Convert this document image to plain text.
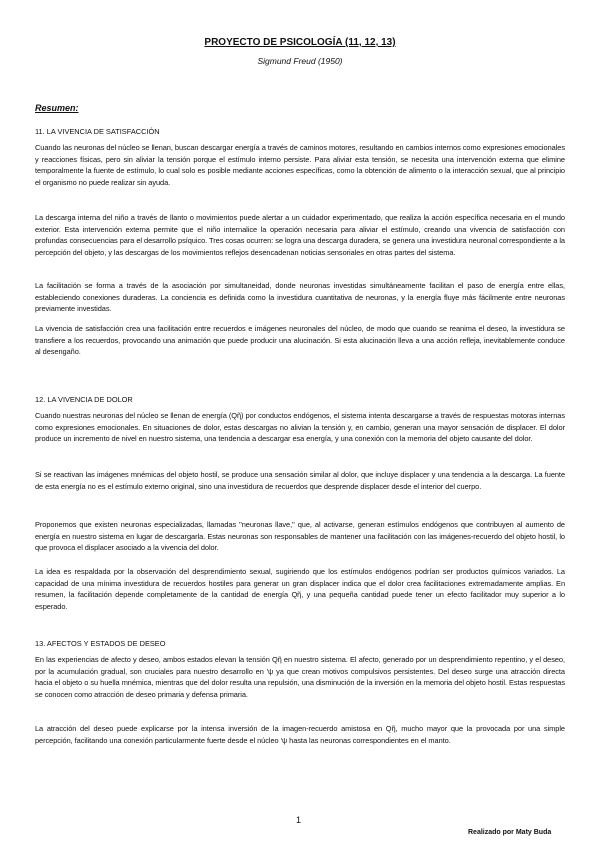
PROYECTO DE PSICOLOGÍA (11, 12, 13)
Sigmund Freud (1950)
Resumen:
11. LA VIVENCIA DE SATISFACCIÓN
Cuando las neuronas del núcleo se llenan, buscan descargar energía a través de caminos motores, resultando en cambios internos como expresiones emocionales y reacciones físicas, pero sin aliviar la tensión porque el estímulo interno persiste. Para aliviar esta tensión, se necesita una intervención externa que elimine temporalmente la fuente de estímulo, lo cual solo es posible mediante acciones específicas, como la obtención de alimento o la interacción sexual, que al principio el organismo no puede realizar sin ayuda.
La descarga interna del niño a través de llanto o movimientos puede alertar a un cuidador experimentado, que realiza la acción específica necesaria en el mundo exterior. Esta intervención externa permite que el niño internalice la operación necesaria para aliviar el estímulo, creando una vivencia de satisfacción con profundas consecuencias para el desarrollo psíquico. Tres cosas ocurren: se logra una descarga duradera, se genera una investidura neuronal correspondiente a la percepción del objeto, y las descargas de los movimientos reflejos desencadenan noticias sensoriales en otras partes del sistema.
La facilitación se forma a través de la asociación por simultaneidad, donde neuronas investidas simultáneamente facilitan el paso de energía entre ellas, estableciendo conexiones duraderas. La conciencia es definida como la investidura cuantitativa de neuronas, y la energía fluye más fácilmente entre neuronas previamente investidas.
La vivencia de satisfacción crea una facilitación entre recuerdos e imágenes neuronales del núcleo, de modo que cuando se reanima el deseo, la investidura se transfiere a los recuerdos, provocando una animación que puede producir una alucinación. Si esta alucinación lleva a una acción refleja, inevitablemente conduce al desengaño.
12. LA VIVENCIA DE DOLOR
Cuando nuestras neuronas del núcleo se llenan de energía (Qῆ) por conductos endógenos, el sistema intenta descargarse a través de respuestas motoras internas como expresiones emocionales. En situaciones de dolor, estas descargas no alivian la tensión y, en cambio, generan una mayor sensación de displacer. El dolor produce un incremento de nivel en nuestro sistema, una tendencia a descargar esa energía, y una conexión con la memoria del objeto causante del dolor.
Si se reactivan las imágenes mnémicas del objeto hostil, se produce una sensación similar al dolor, que incluye displacer y una tendencia a la descarga. La fuente de esta energía no es el estímulo externo original, sino una investidura de recuerdos que desprende displacer desde el interior del cuerpo.
Proponemos que existen neuronas especializadas, llamadas "neuronas llave," que, al activarse, generan estímulos endógenos que contribuyen al aumento de energía en nuestro sistema en lugar de descargarla. Estas neuronas son responsables de mantener una facilitación con las imágenes-recuerdo del objeto hostil, lo que provoca el displacer asociado a la vivencia del dolor.
La idea es respaldada por la observación del desprendimiento sexual, sugiriendo que los estímulos endógenos podrían ser productos químicos variados. La capacidad de una mínima investidura de recuerdos hostiles para generar un gran displacer indica que el dolor crea facilitaciones extremadamente amplias. En resumen, la facilitación depende completamente de la cantidad de energía Qῆ, y una pequeña cantidad puede tener un efecto facilitador muy superior a lo esperado.
13. AFECTOS Y ESTADOS DE DESEO
En las experiencias de afecto y deseo, ambos estados elevan la tensión Qῆ en nuestro sistema. El afecto, generado por un desprendimiento repentino, y el deseo, por la acumulación gradual, son cruciales para nuestro desarrollo en 'ψ ya que crean motivos compulsivos persistentes. Del deseo surge una atracción directa hacia el objeto o su huella mnémica, mientras que del dolor resulta una repulsión, una disminución de la inversión en la memoria del objeto hostil. Estas respuestas se conocen como atracción de deseo primaria y defensa primaria.
La atracción del deseo puede explicarse por la intensa inversión de la imagen-recuerdo amistosa en Qῆ, mucho mayor que la provocada por una simple percepción, facilitando una conexión particularmente fuerte desde el núcleo 'ψ hasta las neuronas correspondientes en el manto.
1
Realizado por Maty Buda
